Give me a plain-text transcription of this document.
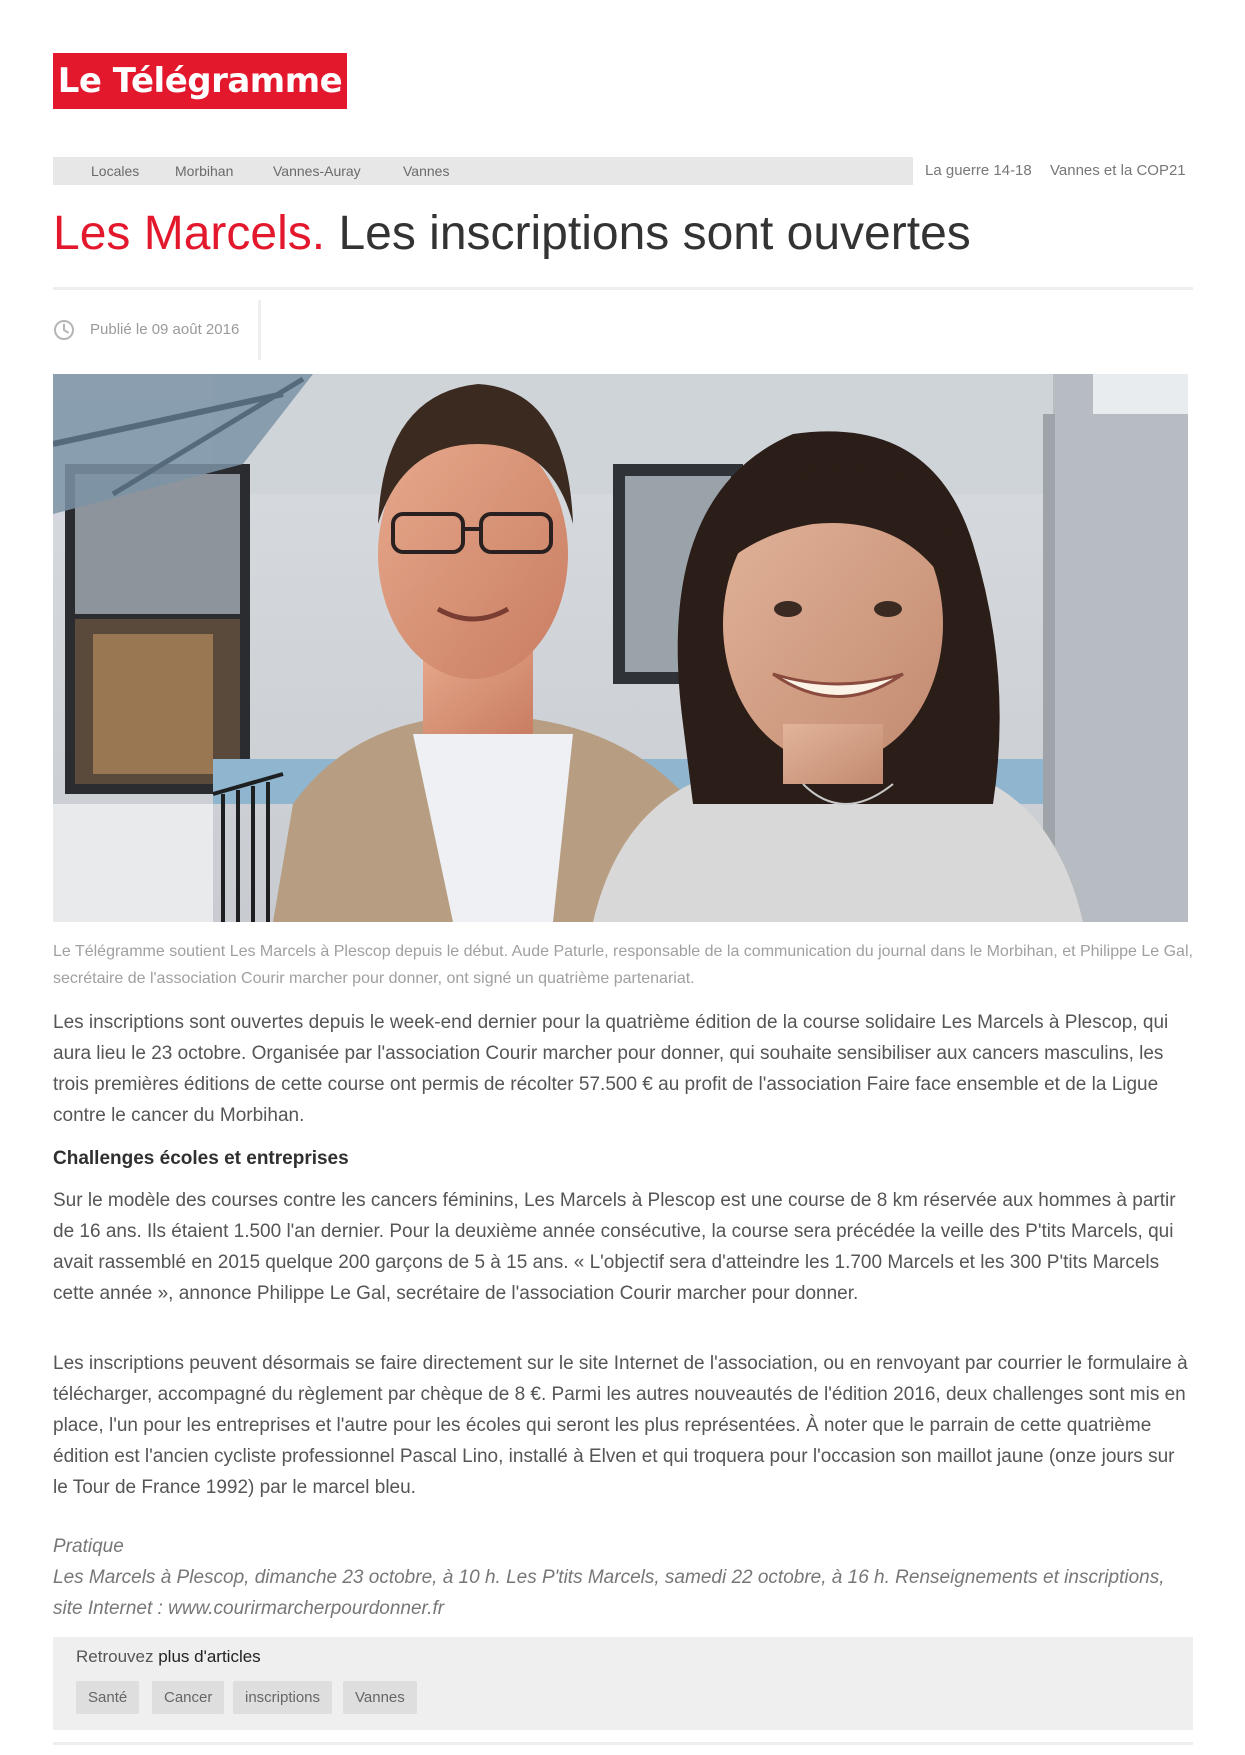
Le Télégramme
Locales	Morbihan	Vannes-Auray	Vannes	La guerre 14-18 Vannes et la COP21
Les Marcels. Les inscriptions sont ouvertes
Publié le 09 août 2016
Le Télégramme soutient Les Marcels à Plescop depuis le début. Aude Paturle, responsable de la communication du journal dans le Morbihan, et Philippe Le Gal, secrétaire de l'association Courir marcher pour donner, ont signé un quatrième partenariat.

Les inscriptions sont ouvertes depuis le week-end dernier pour la quatrième édition de la course solidaire Les Marcels à Plescop, qui aura lieu le 23 octobre. Organisée par l'association Courir marcher pour donner, qui souhaite sensibiliser aux cancers masculins, les trois premières éditions de cette course ont permis de récolter 57.500 € au profit de l'association Faire face ensemble et de la Ligue contre le cancer du Morbihan.

Challenges écoles et entreprises

Sur le modèle des courses contre les cancers féminins, Les Marcels à Plescop est une course de 8 km réservée aux hommes à partir de 16 ans. Ils étaient 1.500 l'an dernier. Pour la deuxième année consécutive, la course sera précédée la veille des P'tits Marcels, qui avait rassemblé en 2015 quelque 200 garçons de 5 à 15 ans. « L'objectif sera d'atteindre les 1.700 Marcels et les 300 P'tits Marcels cette année », annonce Philippe Le Gal, secrétaire de l'association Courir marcher pour donner.

Les inscriptions peuvent désormais se faire directement sur le site Internet de l'association, ou en renvoyant par courrier le formulaire à télécharger, accompagné du règlement par chèque de 8 €. Parmi les autres nouveautés de l'édition 2016, deux challenges sont mis en place, l'un pour les entreprises et l'autre pour les écoles qui seront les plus représentées. À noter que le parrain de cette quatrième édition est l'ancien cycliste professionnel Pascal Lino, installé à Elven et qui troquera pour l'occasion son maillot jaune (onze jours sur le Tour de France 1992) par le marcel bleu.

Pratique

Les Marcels à Plescop, dimanche 23 octobre, à 10 h. Les P'tits Marcels, samedi 22 octobre, à 16 h. Renseignements et inscriptions, site Internet : www.courirmarcherpourdonner.fr

Retrouvez plus d'articles
Santé	Cancer	inscriptions	Vannes
